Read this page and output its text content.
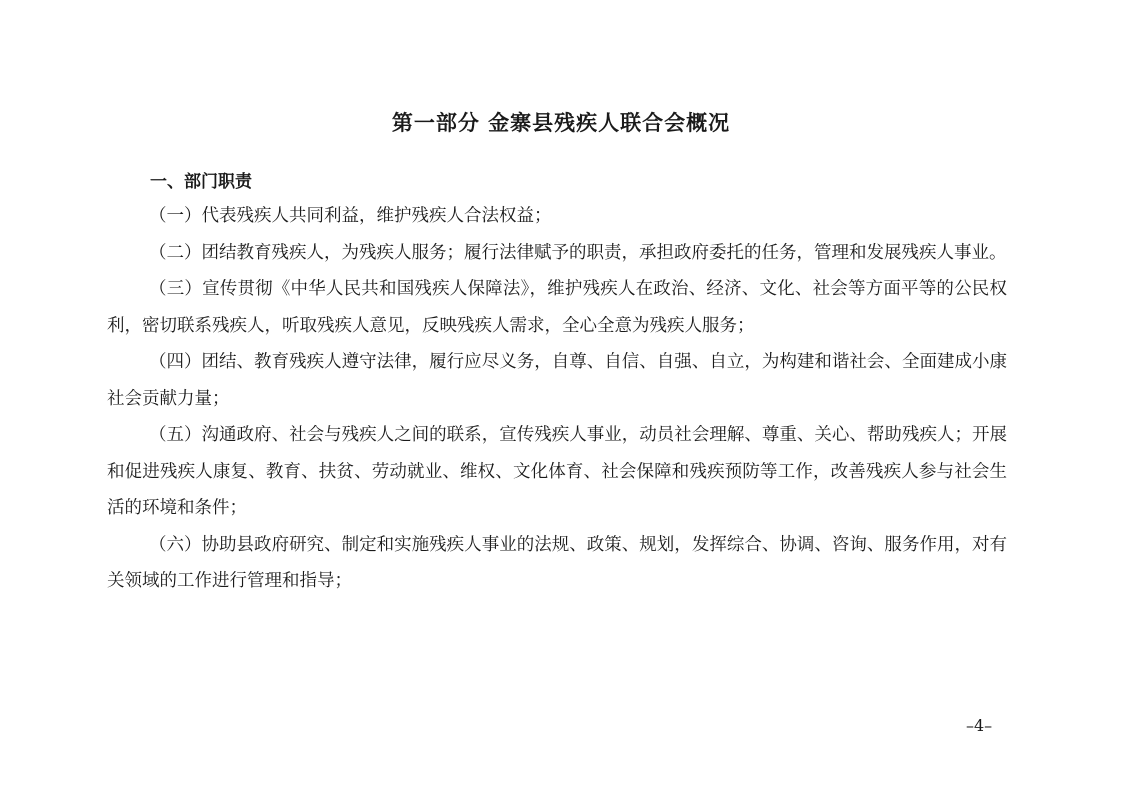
第一部分 金寨县残疾人联合会概况
一、部门职责

（一）代表残疾人共同利益，维护残疾人合法权益；

（二）团结教育残疾人，为残疾人服务；履行法律赋予的职责，承担政府委托的任务，管理和发展残疾人事业。

（三）宣传贯彻《中华人民共和国残疾人保障法》，维护残疾人在政治、经济、文化、社会等方面平等的公民权利，密切联系残疾人，听取残疾人意见，反映残疾人需求，全心全意为残疾人服务；

（四）团结、教育残疾人遵守法律，履行应尽义务，自尊、自信、自强、自立，为构建和谐社会、全面建成小康社会贡献力量；

（五）沟通政府、社会与残疾人之间的联系，宣传残疾人事业，动员社会理解、尊重、关心、帮助残疾人；开展和促进残疾人康复、教育、扶贫、劳动就业、维权、文化体育、社会保障和残疾预防等工作，改善残疾人参与社会生活的环境和条件；

（六）协助县政府研究、制定和实施残疾人事业的法规、政策、规划，发挥综合、协调、咨询、服务作用，对有关领域的工作进行管理和指导；

–4–
